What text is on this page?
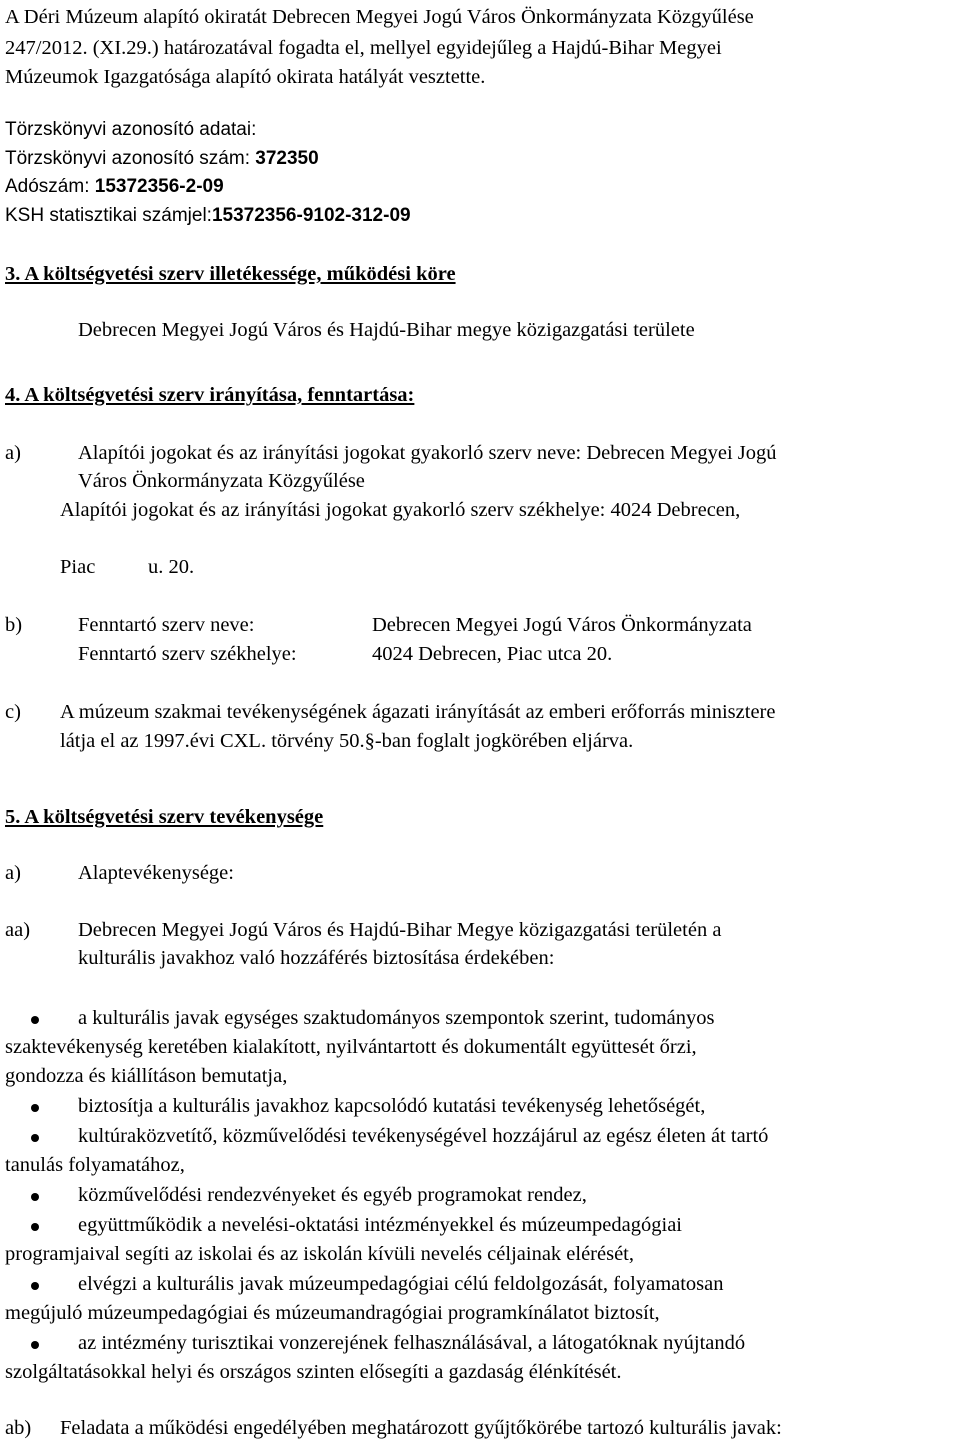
A Déri Múzeum alapító okiratát Debrecen Megyei Jogú Város Önkormányzata Közgyűlése
247/2012. (XI.29.) határozatával fogadta el, mellyel egyidejűleg a Hajdú-Bihar Megyei
Múzeumok Igazgatósága alapító okirata hatályát vesztette.
Törzskönyvi azonosító adatai:
Törzskönyvi azonosító szám: 372350
Adószám: 15372356-2-09
KSH statisztikai számjel:15372356-9102-312-09
3. A költségvetési szerv illetékessége, működési köre
Debrecen Megyei Jogú Város és Hajdú-Bihar megye közigazgatási területe
4. A költségvetési szerv irányítása, fenntartása:
a)	Alapítói jogokat és az irányítási jogokat gyakorló szerv neve: Debrecen Megyei Jogú
Város Önkormányzata Közgyűlése
Alapítói jogokat és az irányítási jogokat gyakorló szerv székhelye: 4024 Debrecen,
Piac	u. 20.
b)	Fenntartó szerv neve:	Debrecen Megyei Jogú Város Önkormányzata
Fenntartó szerv székhelye:	4024 Debrecen, Piac utca 20.
c) A múzeum szakmai tevékenységének ágazati irányítását az emberi erőforrás minisztere
látja el az 1997.évi CXL. törvény 50.§-ban foglalt jogkörében eljárva.
5. A költségvetési szerv tevékenysége
a)	Alaptevékenysége:
aa) Debrecen Megyei Jogú Város és Hajdú-Bihar Megye közigazgatási területén a
kulturális javakhoz való hozzáférés biztosítása érdekében:
a kulturális javak egységes szaktudományos szempontok szerint, tudományos
szaktevékenység keretében kialakított, nyilvántartott és dokumentált együttesét őrzi,
gondozza és kiállításon bemutatja,
biztosítja a kulturális javakhoz kapcsolódó kutatási tevékenység lehetőségét,
kultúraközvetítő, közművelődési tevékenységével hozzájárul az egész életen át tartó
tanulás folyamatához,
közművelődési rendezvényeket és egyéb programokat rendez,
együttműködik a nevelési-oktatási intézményekkel és múzeumpedagógiai
programjaival segíti az iskolai és az iskolán kívüli nevelés céljainak elérését,
elvégzi a kulturális javak múzeumpedagógiai célú feldolgozását, folyamatosan
megújuló múzeumpedagógiai és múzeumandragógiai programkínálatot biztosít,
az intézmény turisztikai vonzerejének felhasználásával, a látogatóknak nyújtandó
szolgáltatásokkal helyi és országos szinten elősegíti a gazdaság élénkítését.
ab) Feladata a működési engedélyében meghatározott gyűjtőkörébe tartozó kulturális javak:
